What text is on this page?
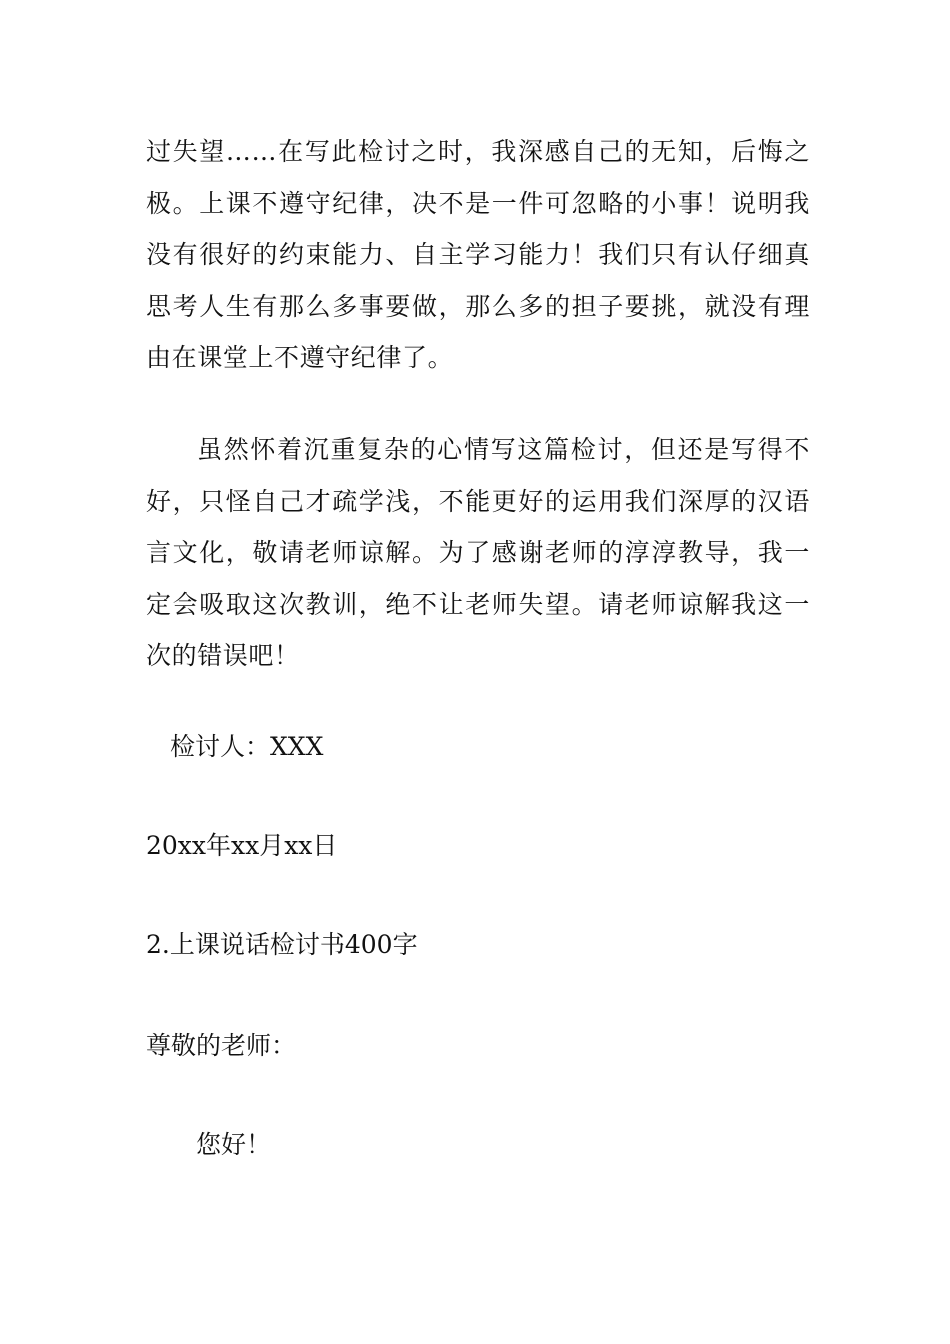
过失望……在写此检讨之时，我深感自己的无知，后悔之极。上课不遵守纪律，决不是一件可忽略的小事！说明我没有很好的约束能力、自主学习能力！我们只有认仔细真思考人生有那么多事要做，那么多的担子要挑，就没有理由在课堂上不遵守纪律了。

虽然怀着沉重复杂的心情写这篇检讨，但还是写得不好，只怪自己才疏学浅，不能更好的运用我们深厚的汉语言文化，敬请老师谅解。为了感谢老师的淳淳教导，我一定会吸取这次教训，绝不让老师失望。请老师谅解我这一次的错误吧！

检讨人：XXX

20xx年xx月xx日

2.上课说话检讨书400字

尊敬的老师：

您好！
